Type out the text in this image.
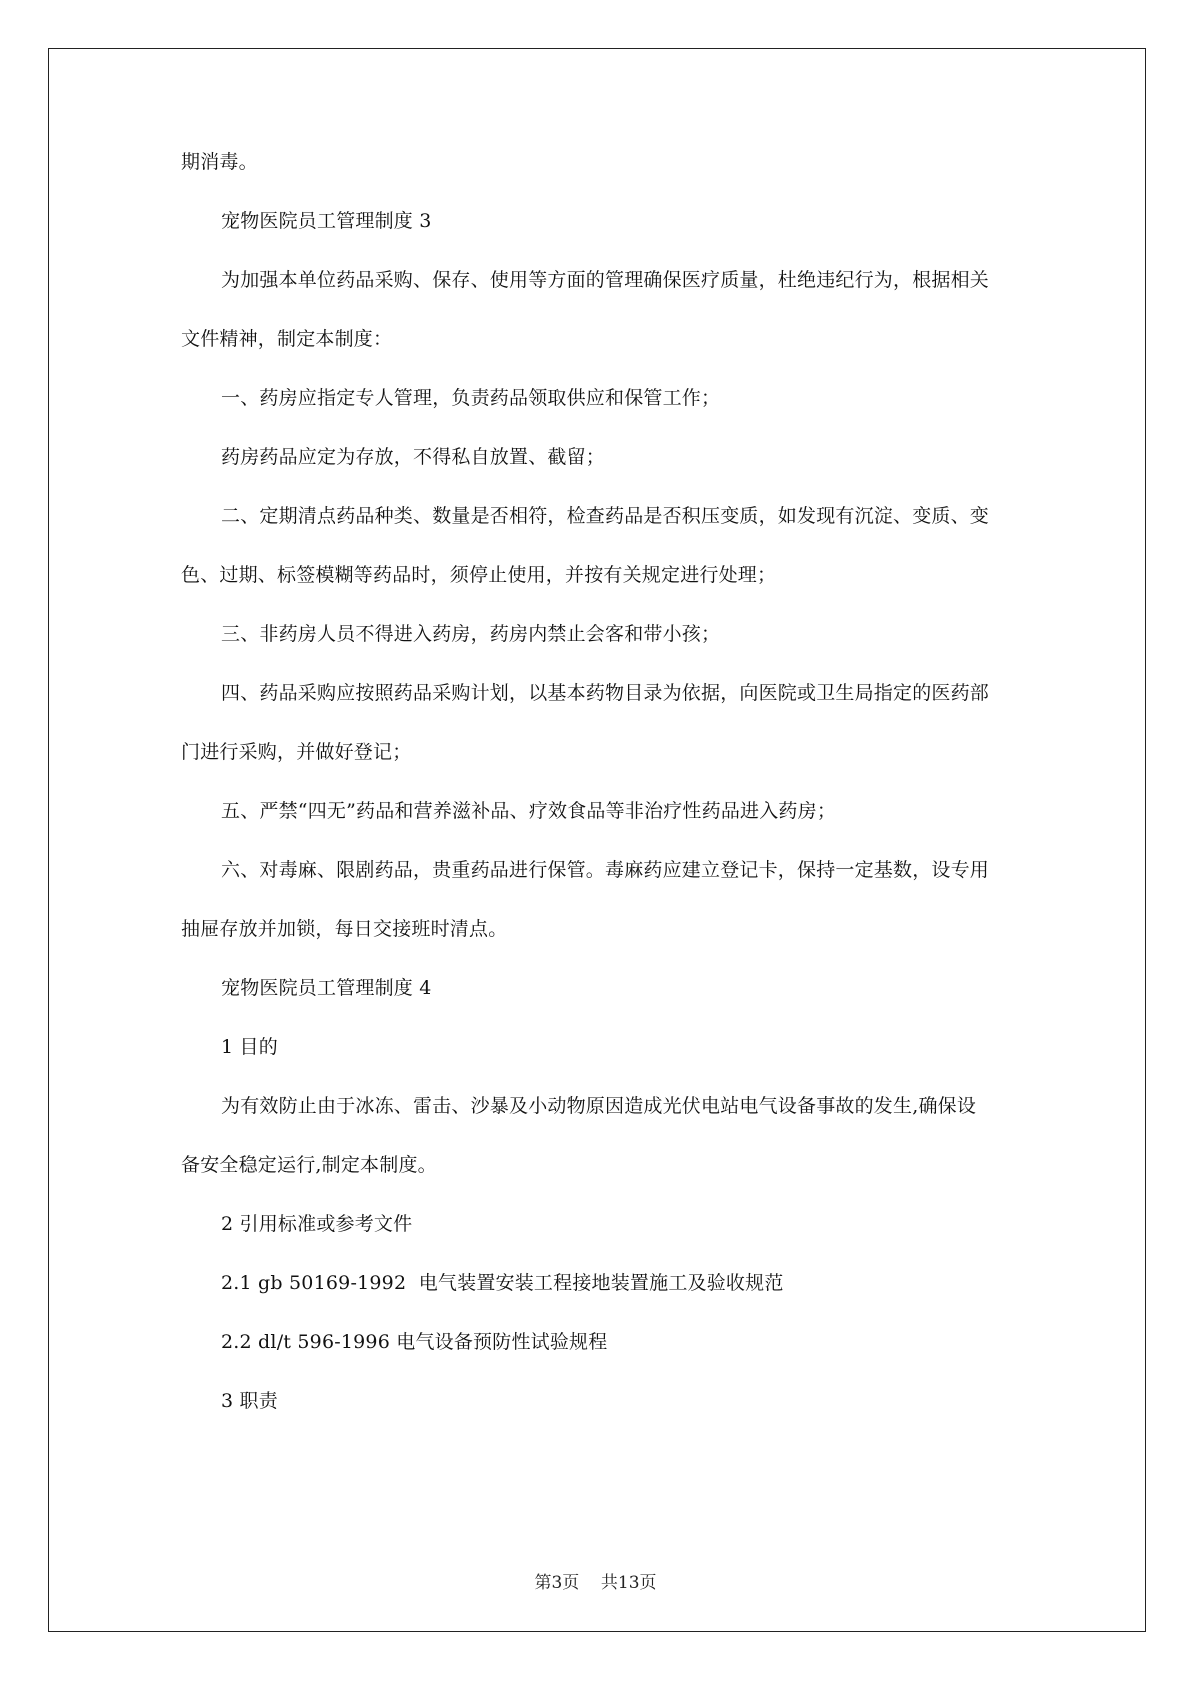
期消毒。
宠物医院员工管理制度 3
为加强本单位药品采购、保存、使用等方面的管理确保医疗质量，杜绝违纪行为，根据相关
文件精神，制定本制度：
一、药房应指定专人管理，负责药品领取供应和保管工作；
药房药品应定为存放，不得私自放置、截留；
二、定期清点药品种类、数量是否相符，检查药品是否积压变质，如发现有沉淀、变质、变
色、过期、标签模糊等药品时，须停止使用，并按有关规定进行处理；
三、非药房人员不得进入药房，药房内禁止会客和带小孩；
四、药品采购应按照药品采购计划，以基本药物目录为依据，向医院或卫生局指定的医药部
门进行采购，并做好登记；
五、严禁“四无”药品和营养滋补品、疗效食品等非治疗性药品进入药房；
六、对毒麻、限剧药品，贵重药品进行保管。毒麻药应建立登记卡，保持一定基数，设专用
抽屉存放并加锁，每日交接班时清点。
宠物医院员工管理制度 4
1 目的
为有效防止由于冰冻、雷击、沙暴及小动物原因造成光伏电站电气设备事故的发生,确保设
备安全稳定运行,制定本制度。
2 引用标准或参考文件
2.1 gb 50169-1992  电气装置安装工程接地装置施工及验收规范
2.2 dl/t 596-1996 电气设备预防性试验规程
3 职责
第3页    共13页
